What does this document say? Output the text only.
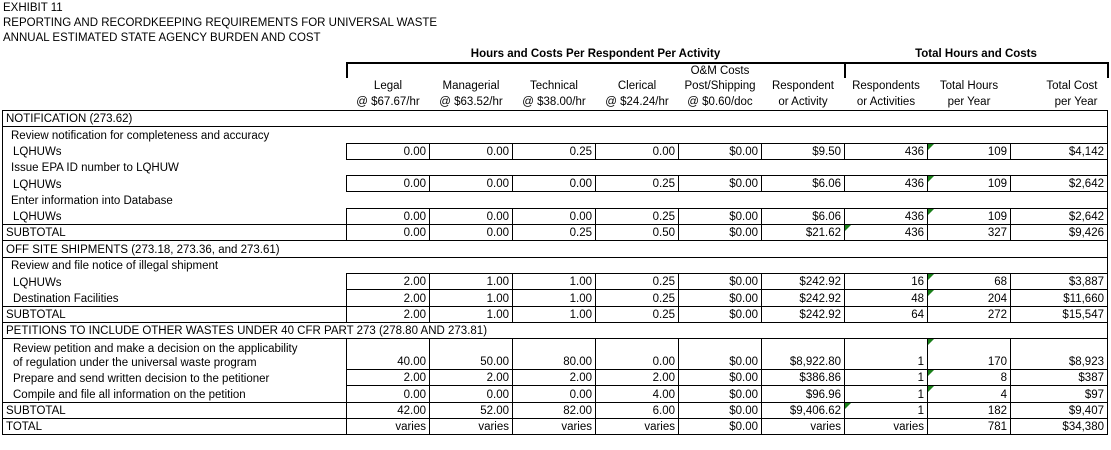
EXHIBIT 11
REPORTING AND RECORDKEEPING REQUIREMENTS FOR UNIVERSAL WASTE
ANNUAL ESTIMATED STATE AGENCY BURDEN AND COST
	Hours and Costs Per Respondent Per Activity						Total Hours and Costs		
					O&M Costs				
	Legal	Managerial	Technical	Clerical	Post/Shipping	Respondent	Respondents	Total Hours	Total Cost
	@ $67.67/hr	@ $63.52/hr	@ $38.00/hr	@ $24.24/hr	@ $0.60/doc	or Activity	or Activities	per Year	per Year
NOTIFICATION (273.62)									
Review notification for completeness and accuracy									
LQHUWs	0.00	0.00	0.25	0.00	$0.00	$9.50	436	109	$4,142
Issue EPA ID number to LQHUW									
LQHUWs	0.00	0.00	0.00	0.25	$0.00	$6.06	436	109	$2,642
Enter information into Database									
LQHUWs	0.00	0.00	0.00	0.25	$0.00	$6.06	436	109	$2,642
SUBTOTAL	0.00	0.00	0.25	0.50	$0.00	$21.62	436	327	$9,426
OFF SITE SHIPMENTS (273.18, 273.36, and 273.61)									
Review and file notice of illegal shipment									
LQHUWs	2.00	1.00	1.00	0.25	$0.00	$242.92	16	68	$3,887
Destination Facilities	2.00	1.00	1.00	0.25	$0.00	$242.92	48	204	$11,660
SUBTOTAL	2.00	1.00	1.00	0.25	$0.00	$242.92	64	272	$15,547
PETITIONS TO INCLUDE OTHER WASTES UNDER 40 CFR PART 273 (278.80 AND 273.81)									

Review petition and make a decision on the applicability
of regulation under the universal waste program	40.00	50.00	80.00	0.00	$0.00	$8,922.80	1	170	$8,923
Prepare and send written decision to the petitioner	2.00	2.00	2.00	2.00	$0.00	$386.86	1	8	$387
Compile and file all information on the petition	0.00	0.00	0.00	4.00	$0.00	$96.96	1	4	$97
SUBTOTAL	42.00	52.00	82.00	6.00	$0.00	$9,406.62	1	182	$9,407
TOTAL	varies	varies	varies	varies	$0.00	varies	varies	781	$34,380
